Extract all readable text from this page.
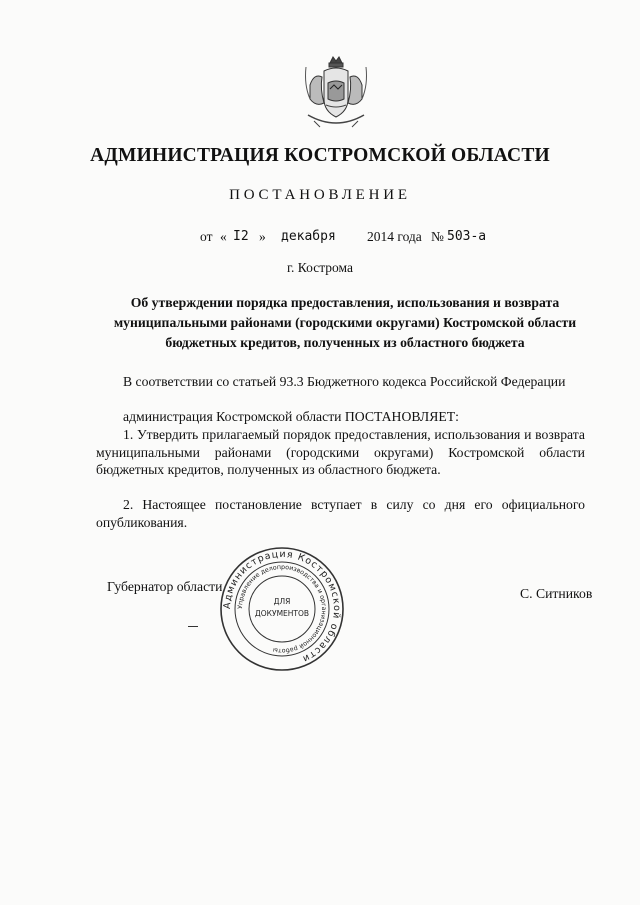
АДМИНИСТРАЦИЯ КОСТРОМСКОЙ ОБЛАСТИ
ПОСТАНОВЛЕНИЕ
от « I2 » декабря 2014 года № 503-а
г. Кострома
Об утверждении порядка предоставления, использования и возврата муниципальными районами (городскими округами) Костромской области бюджетных кредитов, полученных из областного бюджета
В соответствии со статьей 93.3 Бюджетного кодекса Российской Федерации
администрация Костромской области ПОСТАНОВЛЯЕТ:
1. Утвердить прилагаемый порядок предоставления, использования и возврата муниципальными районами (городскими округами) Костромской области бюджетных кредитов, полученных из областного бюджета.
2. Настоящее постановление вступает в силу со дня его официального опубликования.
Губернатор области	С. Ситников
Администрация Костромской области
Управление делопроизводства и организационной работы
ДЛЯ
ДОКУМЕНТОВ
